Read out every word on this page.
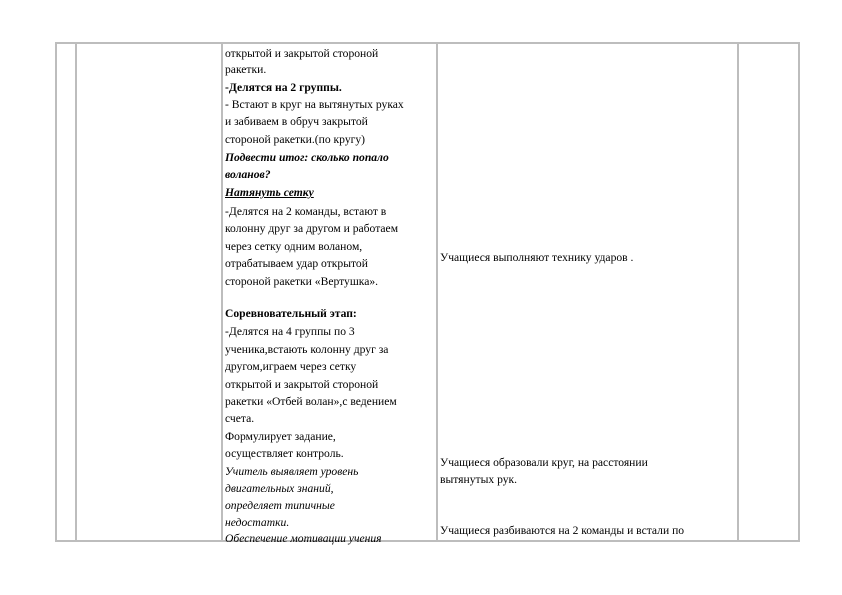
открытой и закрытой стороной
ракетки.
-Делятся на 2 группы.
- Встают в круг на вытянутых руках
и забиваем в обруч закрытой
стороной ракетки.(по кругу)
Подвести итог: сколько попало
воланов?
Натянуть сетку
-Делятся на 2 команды, встают в
колонну друг за другом и работаем
через сетку одним воланом,
отрабатываем удар открытой
стороной ракетки «Вертушка».
Соревновательный этап:
-Делятся на 4 группы по 3
ученика,встають колонну друг за
другом,играем через сетку
открытой и закрытой стороной
ракетки «Отбей волан»,с ведением
счета.
Формулирует задание,
осуществляет контроль.
Учитель выявляет уровень
двигательных знаний,
определяет типичные
недостатки.
Обеспечение мотивации учения
Учащиеся выполняют технику ударов .
Учащиеся образовали круг, на расстоянии
вытянутых рук.
Учащиеся разбиваются на 2 команды и встали по
